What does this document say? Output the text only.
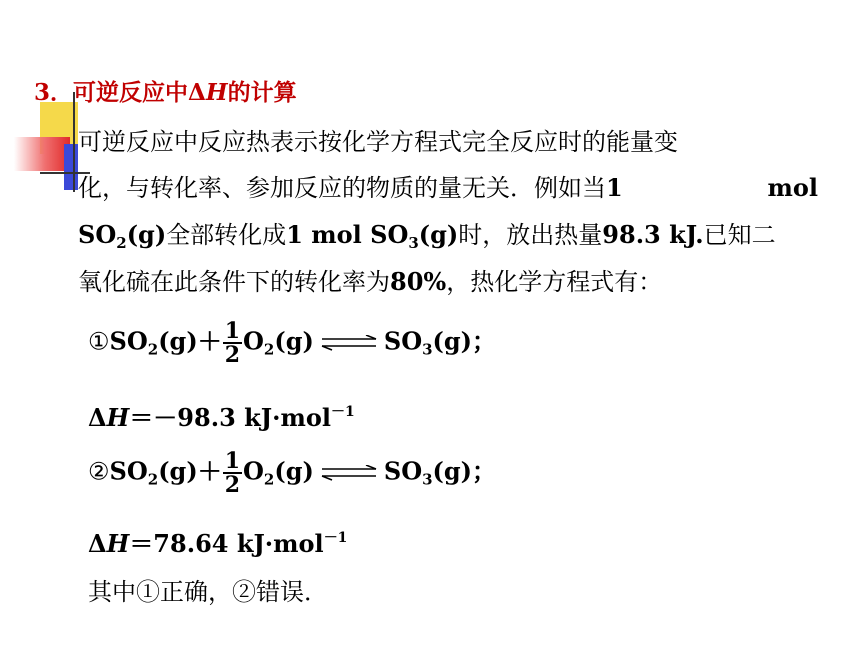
3．可逆反应中ΔH的计算
可逆反应中反应热表示按化学方程式完全反应时的能量变
化，与转化率、参加反应的物质的量无关．例如当1	mol
$SO_2(g)$全部转化成1 mol $SO_3(g)$时，放出热量98.3 kJ.已知二
氧化硫在此条件下的转化率为80%，热化学方程式有：
$①SO_2(g)+ \frac{1}{2} O_2(g)$ ⇌ $SO_3(g)$；
ΔH＝－98.3 kJ·mol$^{-1}$
$②SO_2(g)+ \frac{1}{2} O_2(g)$ ⇌ $SO_3(g)$；
ΔH＝78.64 kJ·mol$^{-1}$
其中①正确，②错误．
